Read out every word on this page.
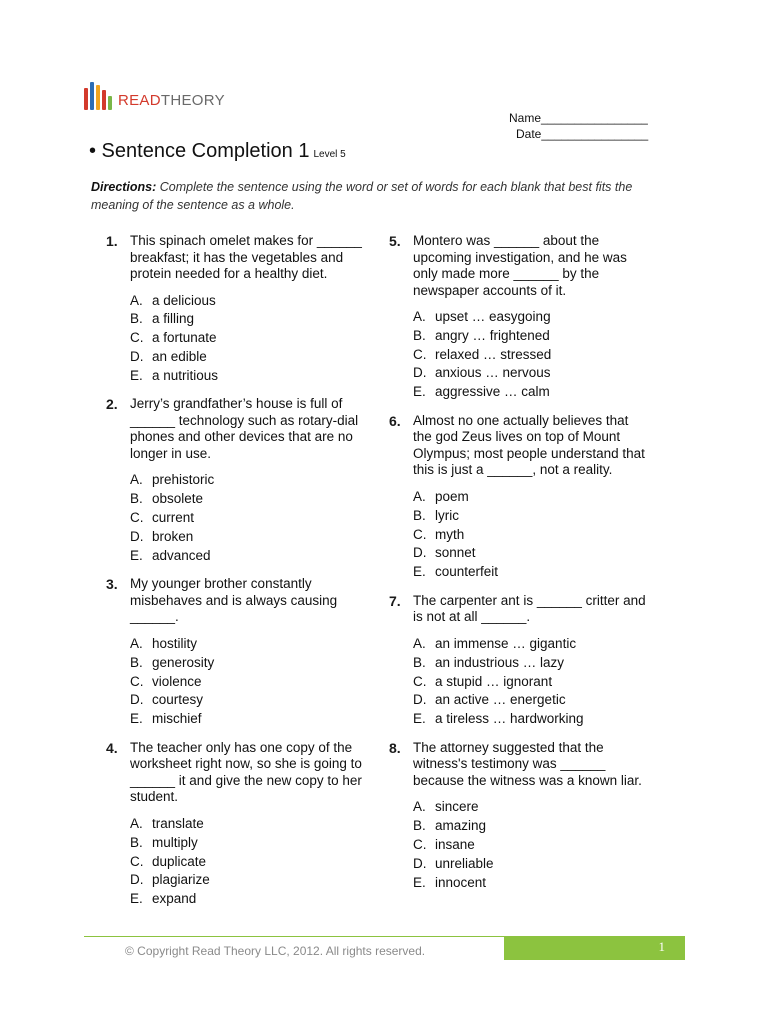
READTHEORY
Name________________
Date________________
• Sentence Completion 1 Level 5
Directions: Complete the sentence using the word or set of words for each blank that best fits the meaning of the sentence as a whole.
1. This spinach omelet makes for ______ breakfast; it has the vegetables and protein needed for a healthy diet.
A. a delicious
B. a filling
C. a fortunate
D. an edible
E. a nutritious
2. Jerry’s grandfather’s house is full of ______ technology such as rotary-dial phones and other devices that are no longer in use.
A. prehistoric
B. obsolete
C. current
D. broken
E. advanced
3. My younger brother constantly misbehaves and is always causing ______.
A. hostility
B. generosity
C. violence
D. courtesy
E. mischief
4. The teacher only has one copy of the worksheet right now, so she is going to ______ it and give the new copy to her student.
A. translate
B. multiply
C. duplicate
D. plagiarize
E. expand
5. Montero was ______ about the upcoming investigation, and he was only made more ______ by the newspaper accounts of it.
A. upset … easygoing
B. angry … frightened
C. relaxed … stressed
D. anxious … nervous
E. aggressive … calm
6. Almost no one actually believes that the god Zeus lives on top of Mount Olympus; most people understand that this is just a ______, not a reality.
A. poem
B. lyric
C. myth
D. sonnet
E. counterfeit
7. The carpenter ant is ______ critter and is not at all ______.
A. an immense … gigantic
B. an industrious … lazy
C. a stupid … ignorant
D. an active … energetic
E. a tireless … hardworking
8. The attorney suggested that the witness's testimony was ______ because the witness was a known liar.
A. sincere
B. amazing
C. insane
D. unreliable
E. innocent
1
© Copyright Read Theory LLC, 2012. All rights reserved.
